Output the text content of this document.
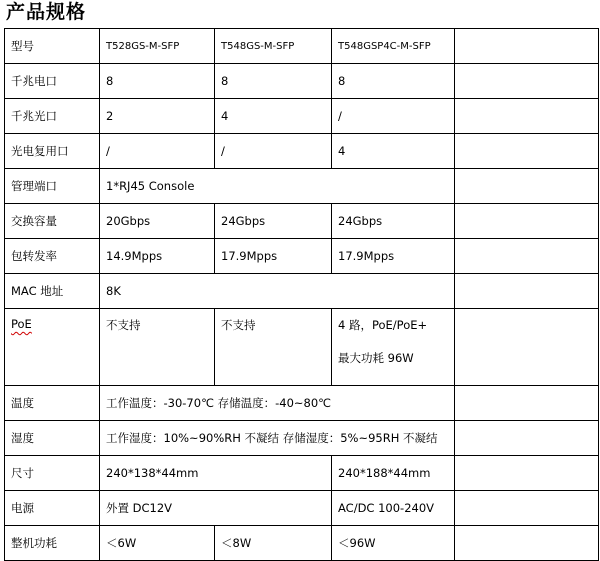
产品规格
型号	T528GS-M-SFP	T548GS-M-SFP	T548GSP4C-M-SFP	
千兆电口	8	8	8	
千兆光口	2	4	/	
光电复用口	/	/	4	
管理端口	1*RJ45 Console			
交换容量	20Gbps	24Gbps	24Gbps	
包转发率	14.9Mpps	17.9Mpps	17.9Mpps	
MAC 地址	8K			
PoE	不支持	不支持	4 路，PoE/PoE+
最大功耗 96W	

温度	工作温度：-30-70℃ 存储温度：-40~80℃			
湿度	工作湿度：10%~90%RH 不凝结 存储湿度：5%~95RH 不凝结			
尺寸	240*138*44mm		240*188*44mm	
电源	外置 DC12V		AC/DC 100-240V	
整机功耗	＜6W	＜8W	＜96W	
